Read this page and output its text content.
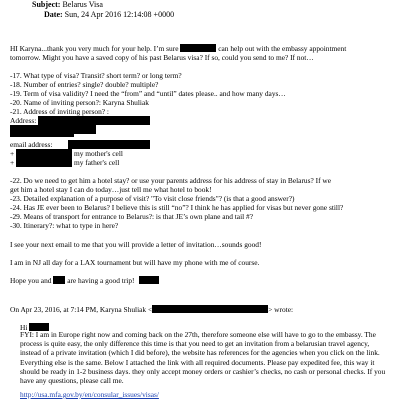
Subject: Belarus Visa
Date: Sun, 24 Apr 2016 12:14:08 +0000
HI Karyna...thank you very much for your help. I’m sure	can help out with the embassy appointment
tomorrow. Might you have a saved copy of his past Belarus visa? If so, could you send to me? If not…
-17. What type of visa? Transit? short term? or long term?
-18. Number of entries? single? double? multiple?
-19. Term of visa validity? I need the “from” and “until” dates please.. and how many days…
-20. Name of inviting person?: Karyna Shuliak
-21. Address of inviting person? :
Address:
email address:
+	my mother's cell
+	my father's cell
-22. Do we need to get him a hotel stay? or use your parents address for his address of stay in Belarus? If we
get him a hotel stay I can do today…just tell me what hotel to book!
-23. Detailed explanation of a purpose of visit? "To visit close friends"? (is that a good answer?)
-24. Has JE ever been to Belarus? I believe this is still “no”? I think he has applied for visas but never gone still?
-29. Means of transport for entrance to Belarus?: is that JE’s own plane and tail #?
-30. Itinerary?: what to type in here?
I see your next email to me that you will provide a letter of invitation…sounds good!
I am in NJ all day for a LAX tournament but will have my phone with me of course.
Hope you and are having a good trip!
On Apr 23, 2016, at 7:14 PM, Karyna Shuliak <	> wrote:
Hi
FYI: I am in Europe right now and coming back on the 27th, therefore someone else will have to go to the embassy. The process is quite easy, the only difference this time is that you need to get an invitation from a belarusian travel agency, instead of a private invitation (which I did before), the website has references for the agencies when you click on the link. Everything else is the same. Below I attached the link with all required documents. Please pay expedited fee, this way it should be ready in 1-2 business days. they only accept money orders or cashier’s checks, no cash or personal checks. If you have any questions, please call me.
http://usa.mfa.gov.by/en/consular_issues/visas/
